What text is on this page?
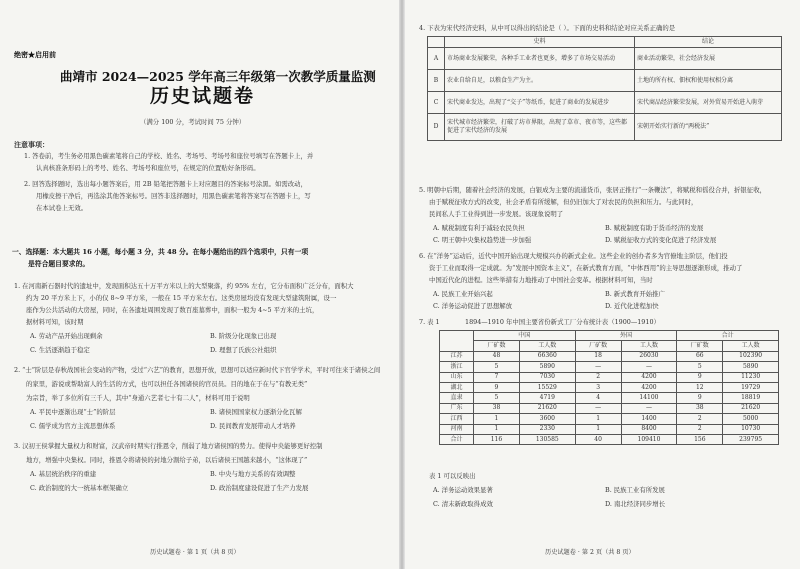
绝密★启用前
曲靖市 2024—2025 学年高三年级第一次教学质量监测
历史试题卷
（满分 100 分，考试时间 75 分钟）
注意事项：
1. 答卷前，考生务必用黑色碳素笔将自己的学校、姓名、考场号、考场号和座位号填写在答题卡上，并
认真核准条形码上的考号、姓名、考场号和座位号，在规定的位置贴好条形码。
2. 回答选择题时，选出每小题答案后，用 2B 铅笔把答题卡上对应题目的答案标号涂黑。如需改动，
用橡皮擦干净后，再选涂其他答案标号。回答非选择题时，用黑色碳素笔将答案写在答题卡上，写
在本试卷上无效。
一、选择题：本大题共 16 小题，每小题 3 分，共 48 分。在每小题给出的四个选项中，只有一项
是符合题目要求的。
1. 在河南新石器时代的遗址中，发现面积达五十万平方米以上的大型聚落，约 95% 左右，它分布面积广泛分布，面积大
约为 20 平方米上下，小的仅 8~9 平方米，一般在 15 平方米左右。这类房屋均没有发现大型建筑附属，设一
座作为公共活动的大房屋，同时，在各遗址周围发现了数百座墓葬中，面积一般为 4~5 平方米的土坑，
据材料可知，该时期
A. 劳动产品开始出现剩余	B. 阶级分化现象已出现
C. 生活逐渐趋于稳定	D. 理想了氏族公社组织
2. “士”阶层是春秋战国社会变动的产物，受过“六艺”的教育，思想开放，思想可以适应新时代下官学学术，平时可往来于诸侯之间
的家里，游说或帮助富人的生活的方式，也可以担任各国诸侯的官员员。目的地在于在与“有教无类”
为宗旨，举了多位所有三千人，其中“身通六艺者七十有二人”，材料可用于说明
A. 平民中逐渐出现“士”的阶层	B. 诸侯国国家权力逐渐分化瓦解
C. 儒学成为官方主流思想体系	D. 民间教育发展带动人才培养
3. 汉初王侯掌握大量权力和财富，汉武帝时期实行推恩令，削弱了地方诸侯国的势力。使得中央能够更好控制
地方，增强中央集权。同时，推恩令将诸侯的封地分割给子弟，以后诸侯王国越来越小，“这体现了”
A. 基层统治秩序的重建	B. 中央与地方关系的有效调整
C. 政治制度的大一统基本框架确立	D. 政治制度建设促进了生产力发展
历史试题卷 · 第 1 页（共 8 页）
4. 下表为宋代经济史料，从中可以得出的结论是（ ）。下面的史料和结论对应关系正确的是
	史料	结论
A	市场商业发展繁荣，各种手工业者也更多，增多了市场交易活动	商业活动繁荣，社会经济发展
B	农业自给自足，以粮食生产为主。	土地的所有权、佃权和使用权相分离
C	宋代商业发达，出现了“交子”等纸币，促进了商业的发展进步	宋代商品经济繁荣发展，对外贸易开始进入萌芽
D	宋代城市经济繁荣，打破了坊市界限，出现了草市、夜市等，这些都促进了宋代经济的发展	宋朝开始实行新的“两税法”
5. 明朝中后期，随着社会经济的发展，白银成为主要的流通货币，张居正推行“一条鞭法”，将赋税和徭役合并，折银征收，
由于赋税征收方式的改变，社会矛盾有所缓解，但仍旧加大了对农民的负担和压力。与此同时，
民间私人手工业得到进一步发展。该现象说明了
A. 赋税制度有利于减轻农民负担	B. 赋税制度有助于货币经济的发展
C. 明王朝中央集权趋势进一步加强	D. 赋税征收方式的变化促进了经济发展
6. 在“洋务”运动后，近代中国开始出现大规模兴办的新式企业。这些企业的创办者多为官僚地主阶层，他们投
资于工业而取得一定成就。为“发展中国资本主义”，在新式教育方面，“中体西用”的主导思想逐渐形成，推动了
中国近代化的进程。这些举措有力地推动了中国社会变革。根据材料可知，当时
A. 民族工业开始兴起	B. 新式教育开始推广
C. 洋务运动促进了思想解放	D. 近代化进程加快
7. 表 1	1894—1910 年中国主要省份新式工厂分布统计表（1900—1910）
	中国		外国		合计	
	厂矿数	工人数	厂矿数	工人数	厂矿数	工人数
江苏	48	66360	18	26030	66	102390
浙江	5	5890	—	—	5	5890
山东	7	7030	2	4200	9	11230
湖北	9	15529	3	4200	12	19729
直隶	5	4719	4	14100	9	18819
广东	38	21620	—	—	38	21620
江西	1	3600	1	1400	2	5000
河南	1	2330	1	8400	2	10730
合计	116	130585	40	109410	156	239795
表 1 可以反映出
A. 洋务运动效果显著	B. 民族工业有所发展
C. 清末新政取得成效	D. 南北经济同步增长
历史试题卷 · 第 2 页（共 8 页）
